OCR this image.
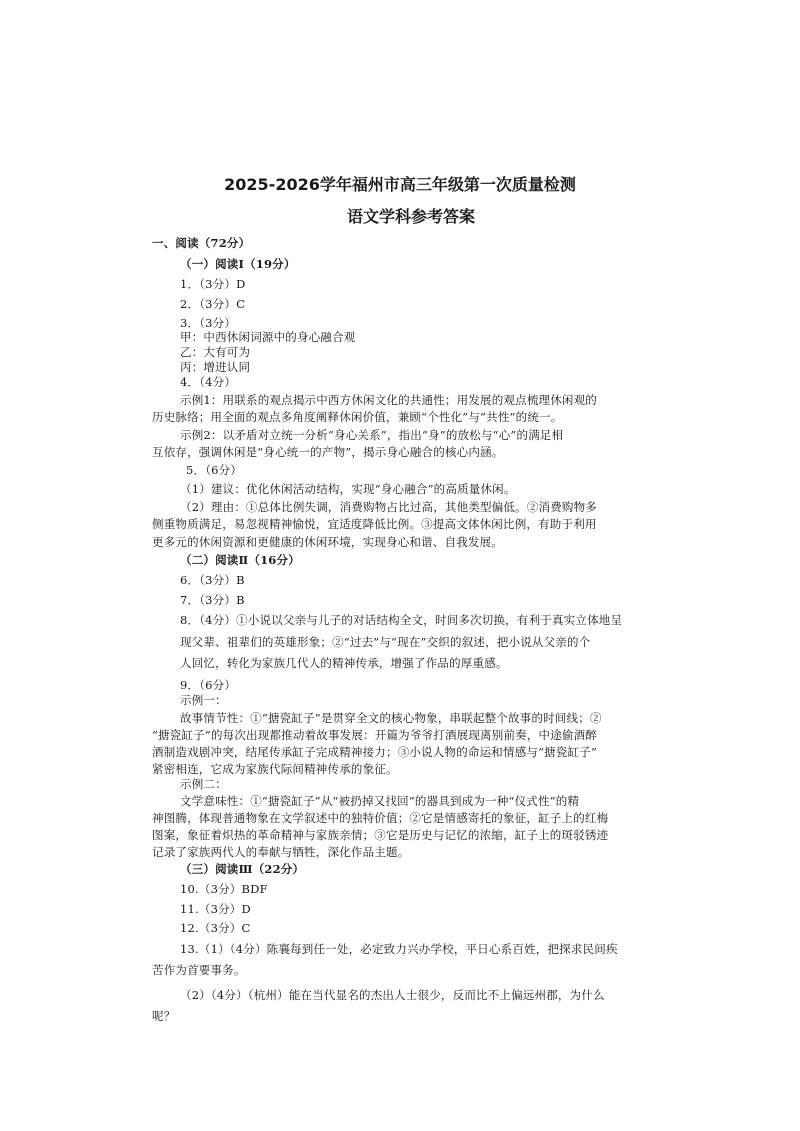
2025-2026学年福州市高三年级第一次质量检测
语文学科参考答案
一、阅读（72分）
（一）阅读Ⅰ（19分）
1．（3分）D
2．（3分）C
3．（3分）
甲：中西休闲词源中的身心融合观
乙：大有可为
丙：增进认同
4．（4分）
示例1：用联系的观点揭示中西方休闲文化的共通性；用发展的观点梳理休闲观的
历史脉络；用全面的观点多角度阐释休闲价值，兼顾“个性化”与“共性”的统一。
示例2：以矛盾对立统一分析“身心关系”，指出“身”的放松与“心”的满足相
互依存，强调休闲是“身心统一的产物”，揭示身心融合的核心内涵。
5．（6分）
（1）建议：优化休闲活动结构，实现“身心融合”的高质量休闲。
（2）理由：①总体比例失调，消费购物占比过高，其他类型偏低。②消费购物多
侧重物质满足，易忽视精神愉悦，宜适度降低比例。③提高文体休闲比例，有助于利用
更多元的休闲资源和更健康的休闲环境，实现身心和谐、自我发展。
（二）阅读Ⅱ（16分）
6．（3分）B
7．（3分）B
8．（4分）①小说以父亲与儿子的对话结构全文，时间多次切换，有利于真实立体地呈
现父辈、祖辈们的英雄形象；②“过去”与“现在”交织的叙述，把小说从父亲的个
人回忆，转化为家族几代人的精神传承，增强了作品的厚重感。
9．（6分）
示例一：
故事情节性：①“搪瓷缸子”是贯穿全文的核心物象，串联起整个故事的时间线；②
“搪瓷缸子”的每次出现都推动着故事发展：开篇为爷爷打酒展现离别前奏，中途偷酒醉
酒制造戏剧冲突，结尾传承缸子完成精神接力；③小说人物的命运和情感与“搪瓷缸子”
紧密相连，它成为家族代际间精神传承的象征。
示例二：
文学意味性：①“搪瓷缸子”从“被扔掉又找回”的器具到成为一种“仪式性”的精
神图腾，体现普通物象在文学叙述中的独特价值；②它是情感寄托的象征，缸子上的红梅
图案，象征着炽热的革命精神与家族亲情；③它是历史与记忆的浓缩，缸子上的斑驳锈迹
记录了家族两代人的奉献与牺牲，深化作品主题。
（三）阅读Ⅲ（22分）
10.（3分）BDF
11.（3分）D
12.（3分）C
13.（1）（4分）陈襄每到任一处，必定致力兴办学校，平日心系百姓，把探求民间疾
苦作为首要事务。
（2）（4分）（杭州）能在当代显名的杰出人士很少，反而比不上偏远州郡，为什么
呢？
